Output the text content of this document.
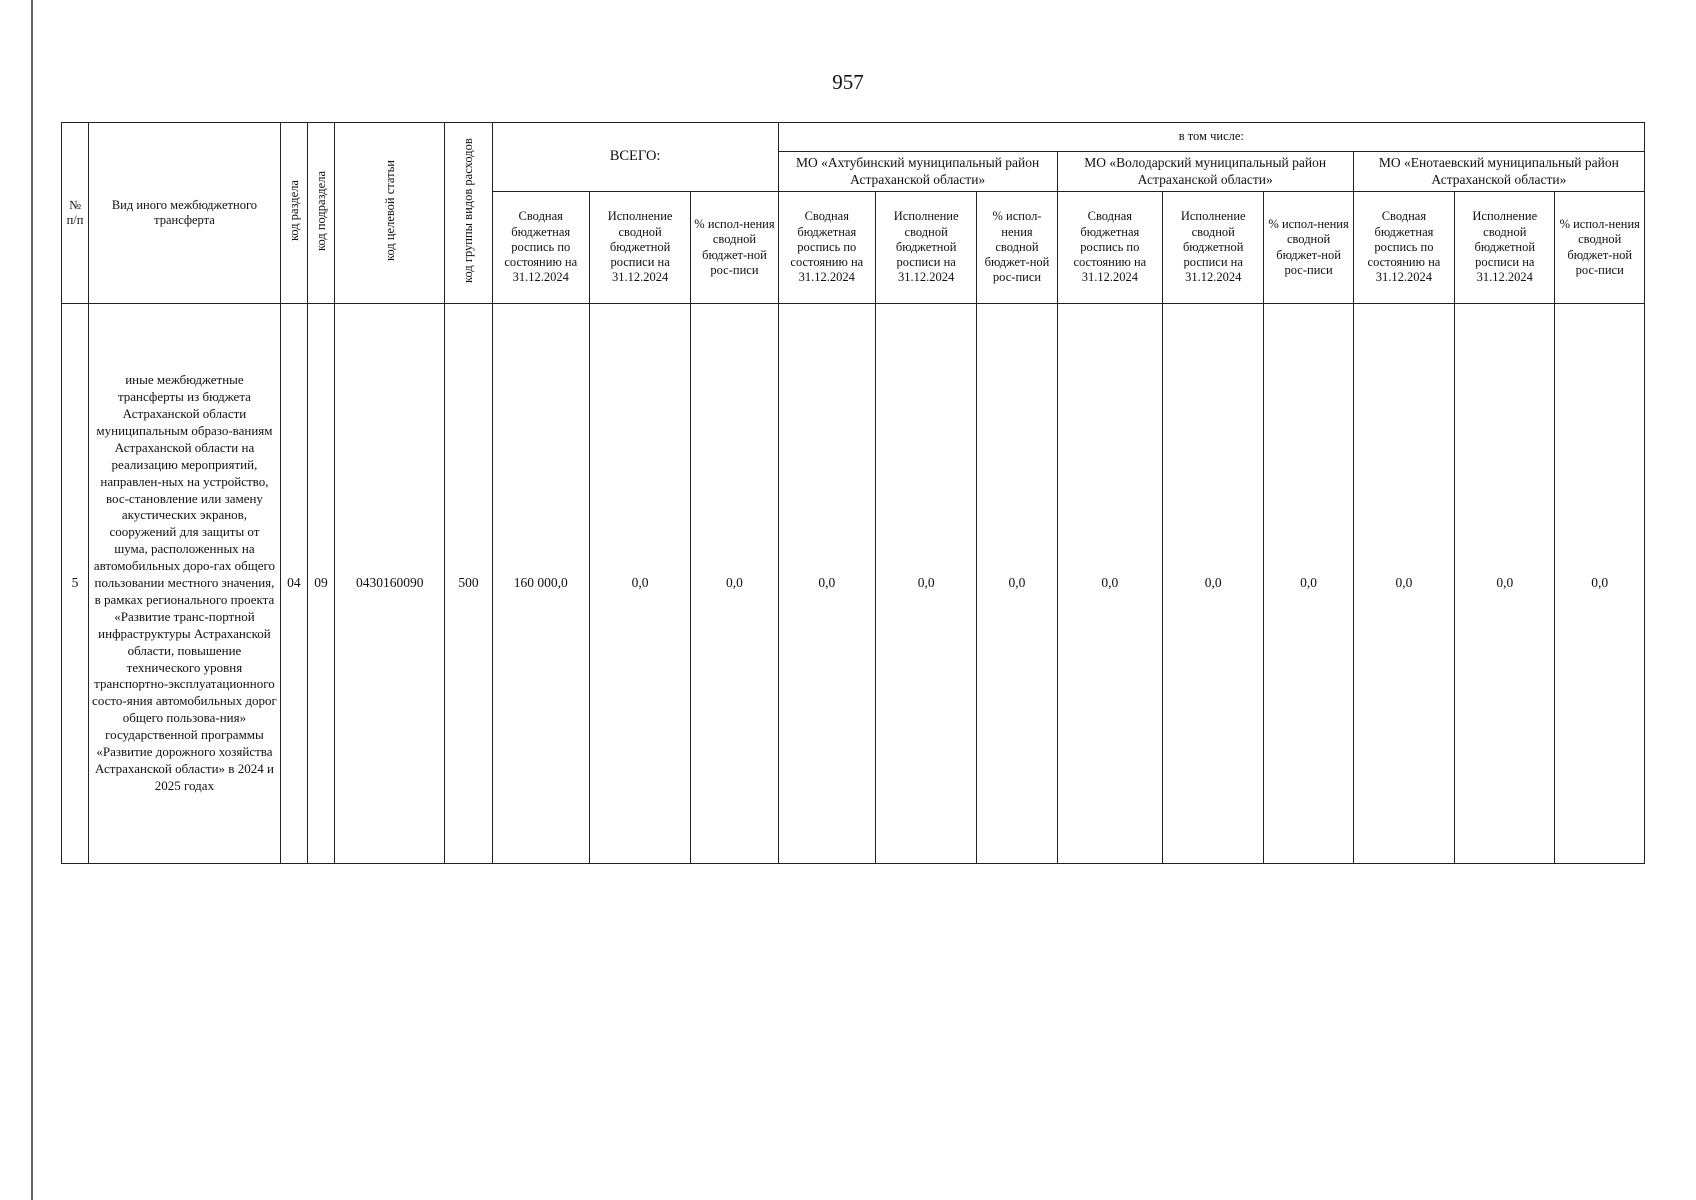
957
№ п/п	Вид иного межбюджетного трансферта	код раздела	код подраздела	код целевой статьи	код группы видов расходов	ВСЕГО:			в том числе:								
									МО «Ахтубинский муниципальный район Астраханской области»			МО «Володарский муниципальный район Астраханской области»			МО «Енотаевский муниципальный район Астраханской области»		
						Сводная бюджетная роспись по состоянию на 31.12.2024	Исполнение сводной бюджетной росписи на 31.12.2024	% испол-нения сводной бюджет-ной рос-писи	Сводная бюджетная роспись по состоянию на 31.12.2024	Исполнение сводной бюджетной росписи на 31.12.2024	% испол-нения сводной бюджет-ной рос-писи	Сводная бюджетная роспись по состоянию на 31.12.2024	Исполнение сводной бюджетной росписи на 31.12.2024	% испол-нения сводной бюджет-ной рос-писи	Сводная бюджетная роспись по состоянию на 31.12.2024	Исполнение сводной бюджетной росписи на 31.12.2024	% испол-нения сводной бюджет-ной рос-писи
5	иные межбюджетные трансферты из бюджета Астраханской области муниципальным образо-ваниям Астраханской области на реализацию мероприятий, направлен-ных на устройство, вос-становление или замену акустических экранов, сооружений для защиты от шума, расположенных на автомобильных доро-гах общего пользовании местного значения, в рамках регионального проекта «Развитие транс-портной инфраструктуры Астраханской области, повышение технического уровня транспортно-эксплуатационного состо-яния автомобильных дорог общего пользова-ния» государственной программы «Развитие дорожного хозяйства Астраханской области» в 2024 и 2025 годах	04	09	0430160090	500	160 000,0	0,0	0,0	0,0	0,0	0,0	0,0	0,0	0,0	0,0	0,0	0,0
